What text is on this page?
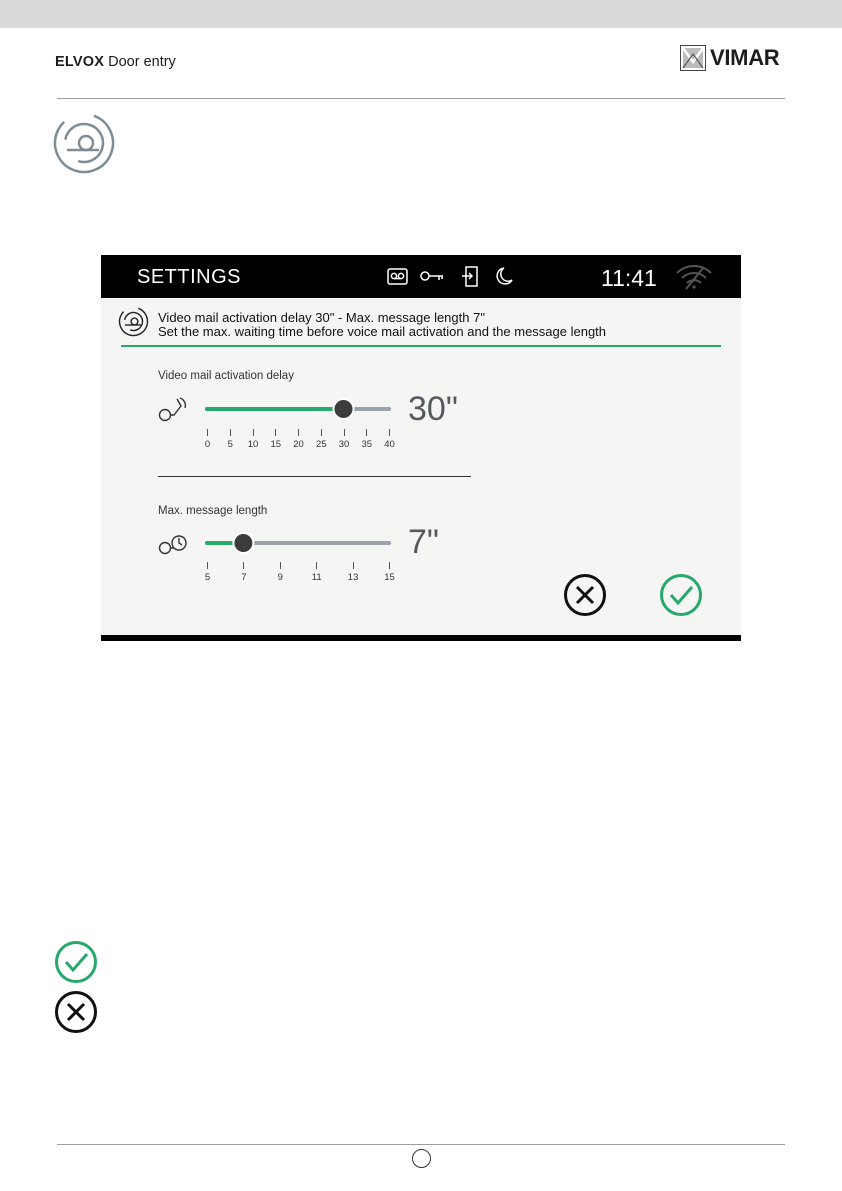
ELVOX Door entry	VIMAR
SETTINGS	11:41
Video mail activation delay 30" - Max. message length 7"
Set the max. waiting time before voice mail activation and the message length
Video mail activation delay
30"
Max. message length
7"
0 5 10 15 20 25 30 35 40
5	7	9	11	13	15
